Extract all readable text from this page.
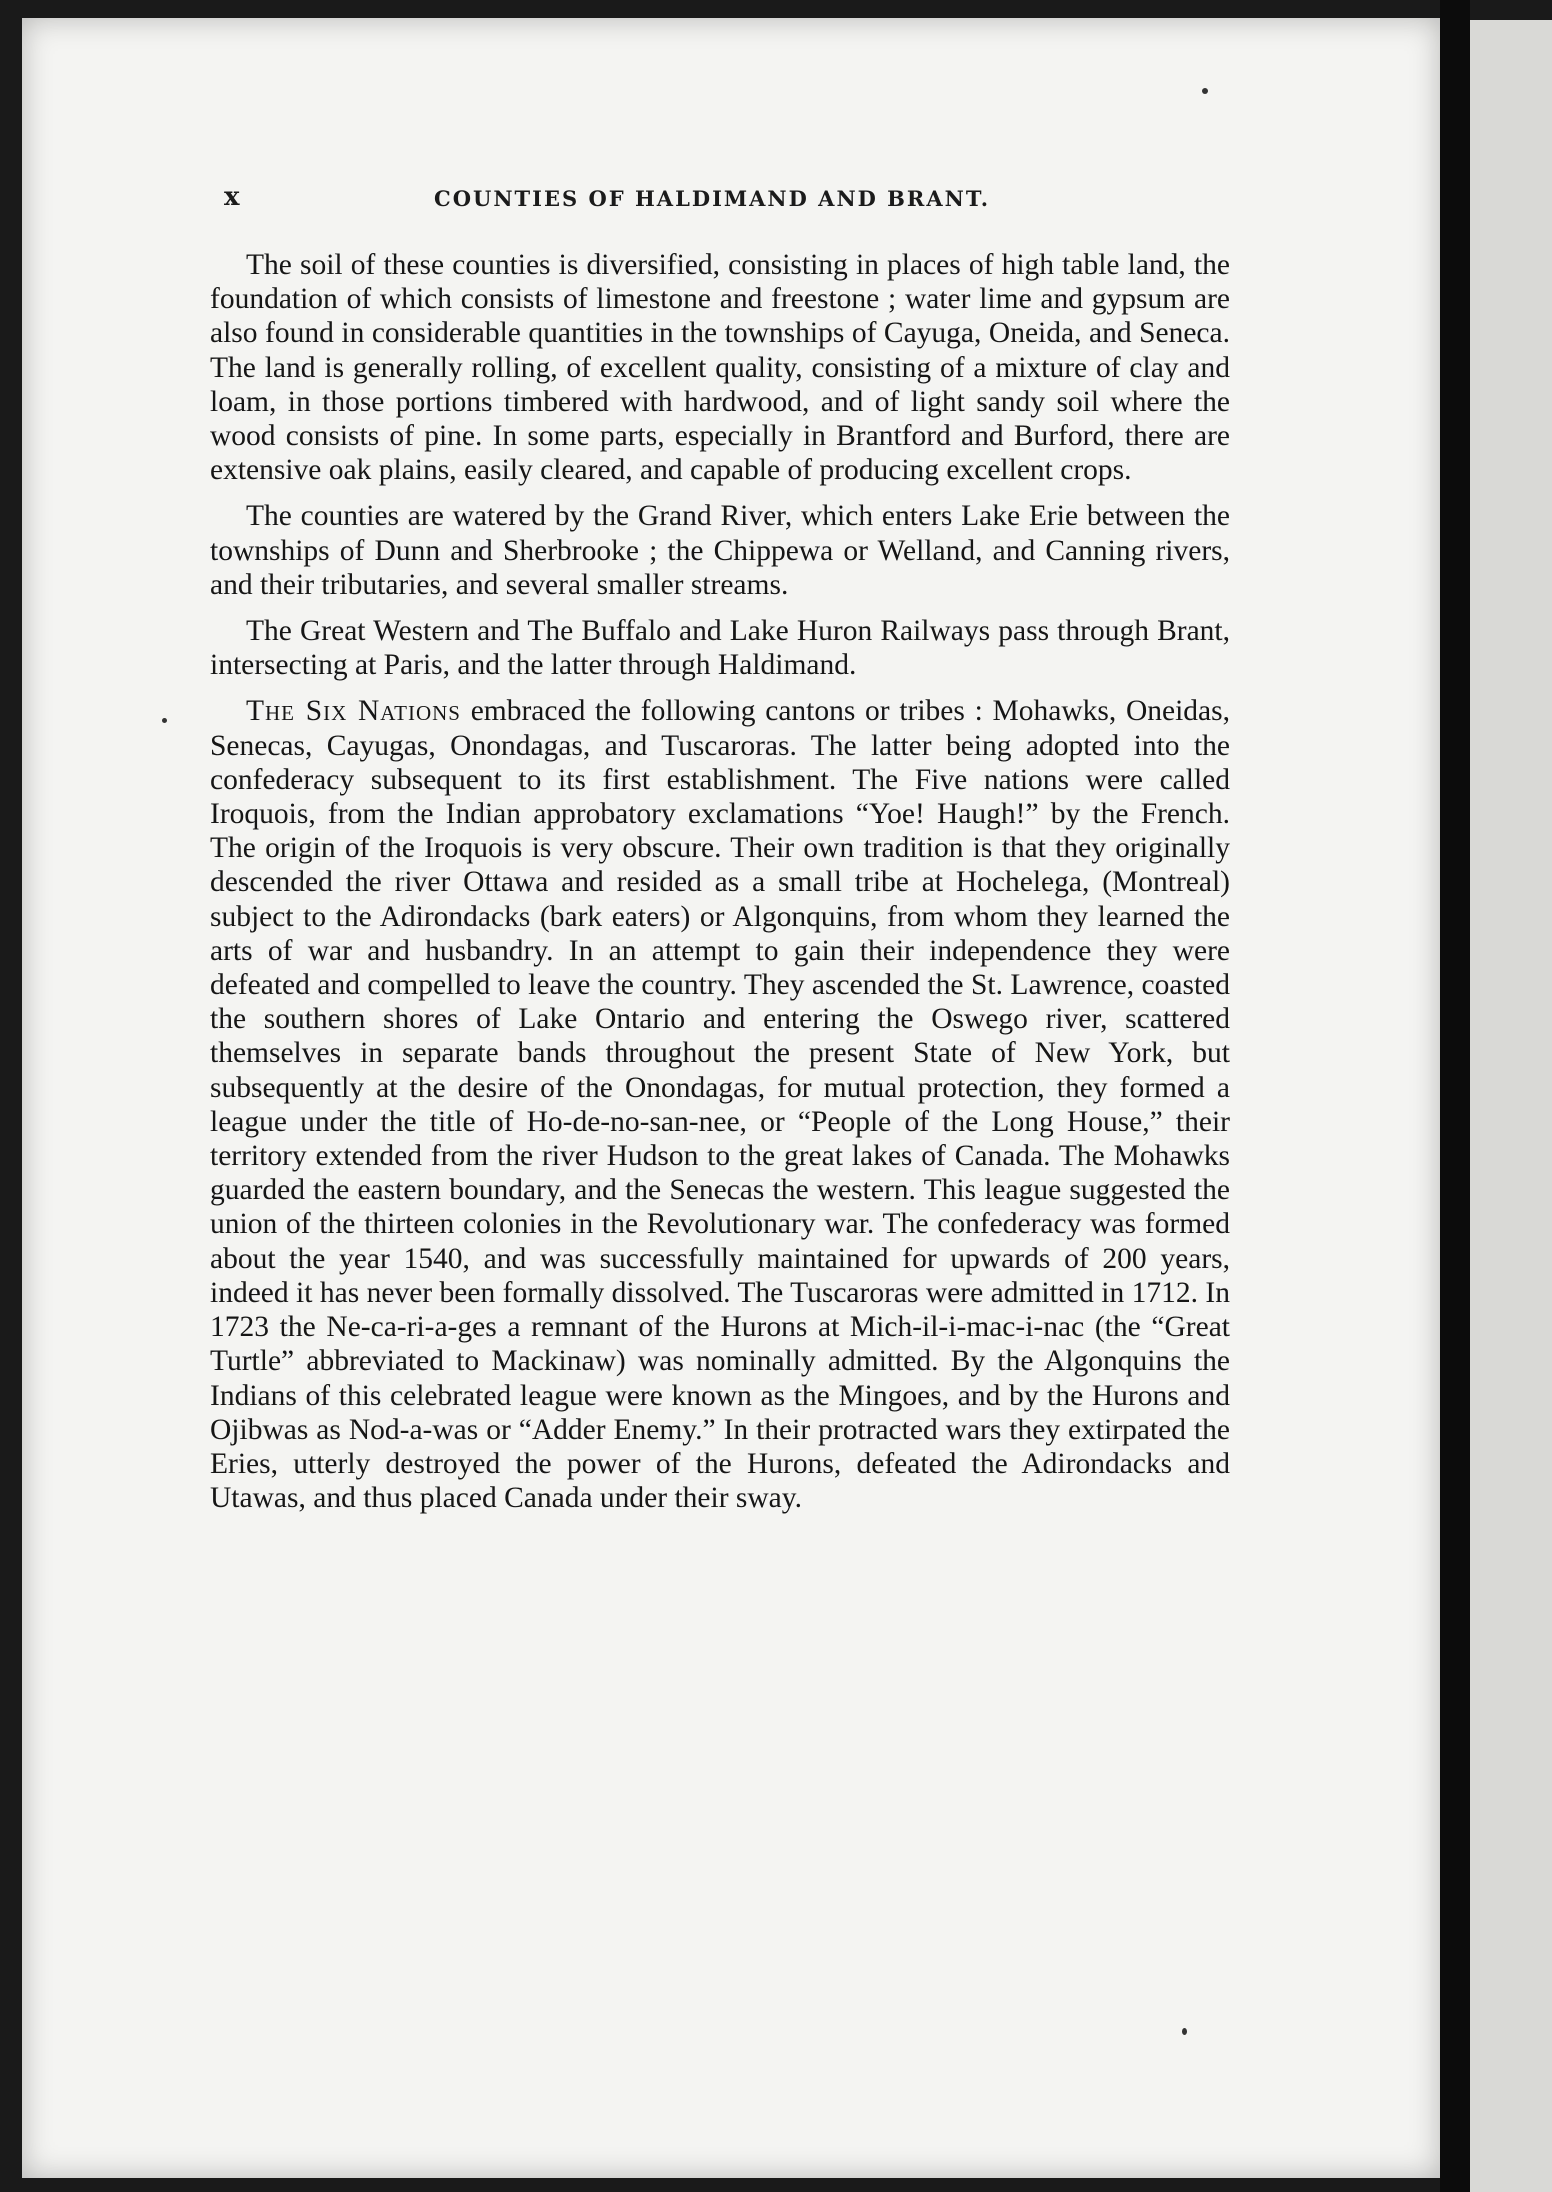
x	COUNTIES OF HALDIMAND AND BRANT.

The soil of these counties is diversified, consisting in places of high table land, the foundation of which consists of limestone and freestone ; water lime and gypsum are also found in considerable quantities in the townships of Cayuga, Oneida, and Seneca. The land is generally rolling, of excellent quality, consisting of a mixture of clay and loam, in those portions timbered with hardwood, and of light sandy soil where the wood consists of pine. In some parts, especially in Brantford and Burford, there are extensive oak plains, easily cleared, and capable of producing excellent crops.

The counties are watered by the Grand River, which enters Lake Erie between the townships of Dunn and Sherbrooke ; the Chippewa or Welland, and Canning rivers, and their tributaries, and several smaller streams.

The Great Western and The Buffalo and Lake Huron Railways pass through Brant, intersecting at Paris, and the latter through Haldimand.

The Six Nations embraced the following cantons or tribes : Mohawks, Oneidas, Senecas, Cayugas, Onondagas, and Tuscaroras. The latter being adopted into the confederacy subsequent to its first establishment. The Five nations were called Iroquois, from the Indian approbatory exclamations “Yoe! Haugh!” by the French. The origin of the Iroquois is very obscure. Their own tradition is that they originally descended the river Ottawa and resided as a small tribe at Hochelega, (Montreal) subject to the Adirondacks (bark eaters) or Algonquins, from whom they learned the arts of war and husbandry. In an attempt to gain their independence they were defeated and compelled to leave the country. They ascended the St. Lawrence, coasted the southern shores of Lake Ontario and entering the Oswego river, scattered themselves in separate bands throughout the present State of New York, but subsequently at the desire of the Onondagas, for mutual protection, they formed a league under the title of Ho-de-no-san-nee, or “People of the Long House,” their territory extended from the river Hudson to the great lakes of Canada. The Mohawks guarded the eastern boundary, and the Senecas the western. This league suggested the union of the thirteen colonies in the Revolutionary war. The confederacy was formed about the year 1540, and was successfully maintained for upwards of 200 years, indeed it has never been formally dissolved. The Tuscaroras were admitted in 1712. In 1723 the Ne-ca-ri-a-ges a remnant of the Hurons at Mich-il-i-mac-i-nac (the “Great Turtle” abbreviated to Mackinaw) was nominally admitted. By the Algonquins the Indians of this celebrated league were known as the Mingoes, and by the Hurons and Ojibwas as Nod-a-was or “Adder Enemy.” In their protracted wars they extirpated the Eries, utterly destroyed the power of the Hurons, defeated the Adirondacks and Utawas, and thus placed Canada under their sway.
